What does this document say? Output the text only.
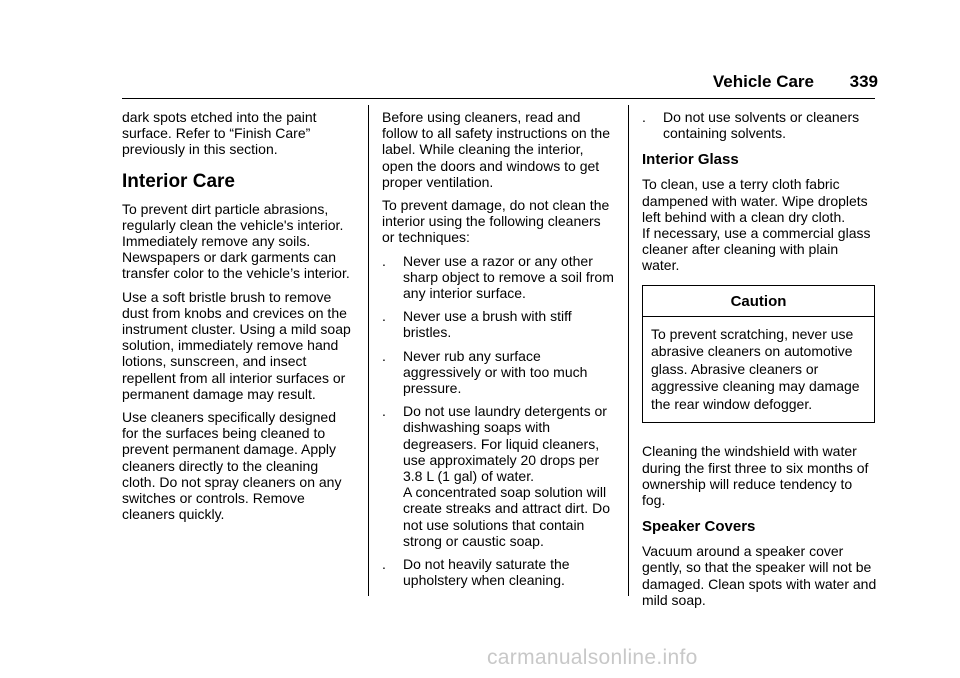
Vehicle Care 339

dark spots etched into the paint surface. Refer to “Finish Care” previously in this section.

Interior Care

To prevent dirt particle abrasions, regularly clean the vehicle's interior. Immediately remove any soils. Newspapers or dark garments can transfer color to the vehicle’s interior.

Use a soft bristle brush to remove dust from knobs and crevices on the instrument cluster. Using a mild soap solution, immediately remove hand lotions, sunscreen, and insect repellent from all interior surfaces or permanent damage may result.

Use cleaners specifically designed for the surfaces being cleaned to prevent permanent damage. Apply cleaners directly to the cleaning cloth. Do not spray cleaners on any switches or controls. Remove cleaners quickly.

Before using cleaners, read and follow to all safety instructions on the label. While cleaning the interior, open the doors and windows to get proper ventilation.

To prevent damage, do not clean the interior using the following cleaners or techniques:

. Never use a razor or any other sharp object to remove a soil from any interior surface.
. Never use a brush with stiff bristles.
. Never rub any surface aggressively or with too much pressure.
. Do not use laundry detergents or dishwashing soaps with degreasers. For liquid cleaners, use approximately 20 drops per 3.8 L (1 gal) of water.
A concentrated soap solution will create streaks and attract dirt. Do not use solutions that contain strong or caustic soap.
. Do not heavily saturate the upholstery when cleaning.
. Do not use solvents or cleaners containing solvents.
Interior Glass

To clean, use a terry cloth fabric dampened with water. Wipe droplets left behind with a clean dry cloth.

If necessary, use a commercial glass cleaner after cleaning with plain water.

Caution
To prevent scratching, never use abrasive cleaners on automotive glass. Abrasive cleaners or aggressive cleaning may damage the rear window defogger.

Cleaning the windshield with water during the first three to six months of ownership will reduce tendency to fog.

Speaker Covers

Vacuum around a speaker cover gently, so that the speaker will not be damaged. Clean spots with water and mild soap.

carmanualsonline.info
